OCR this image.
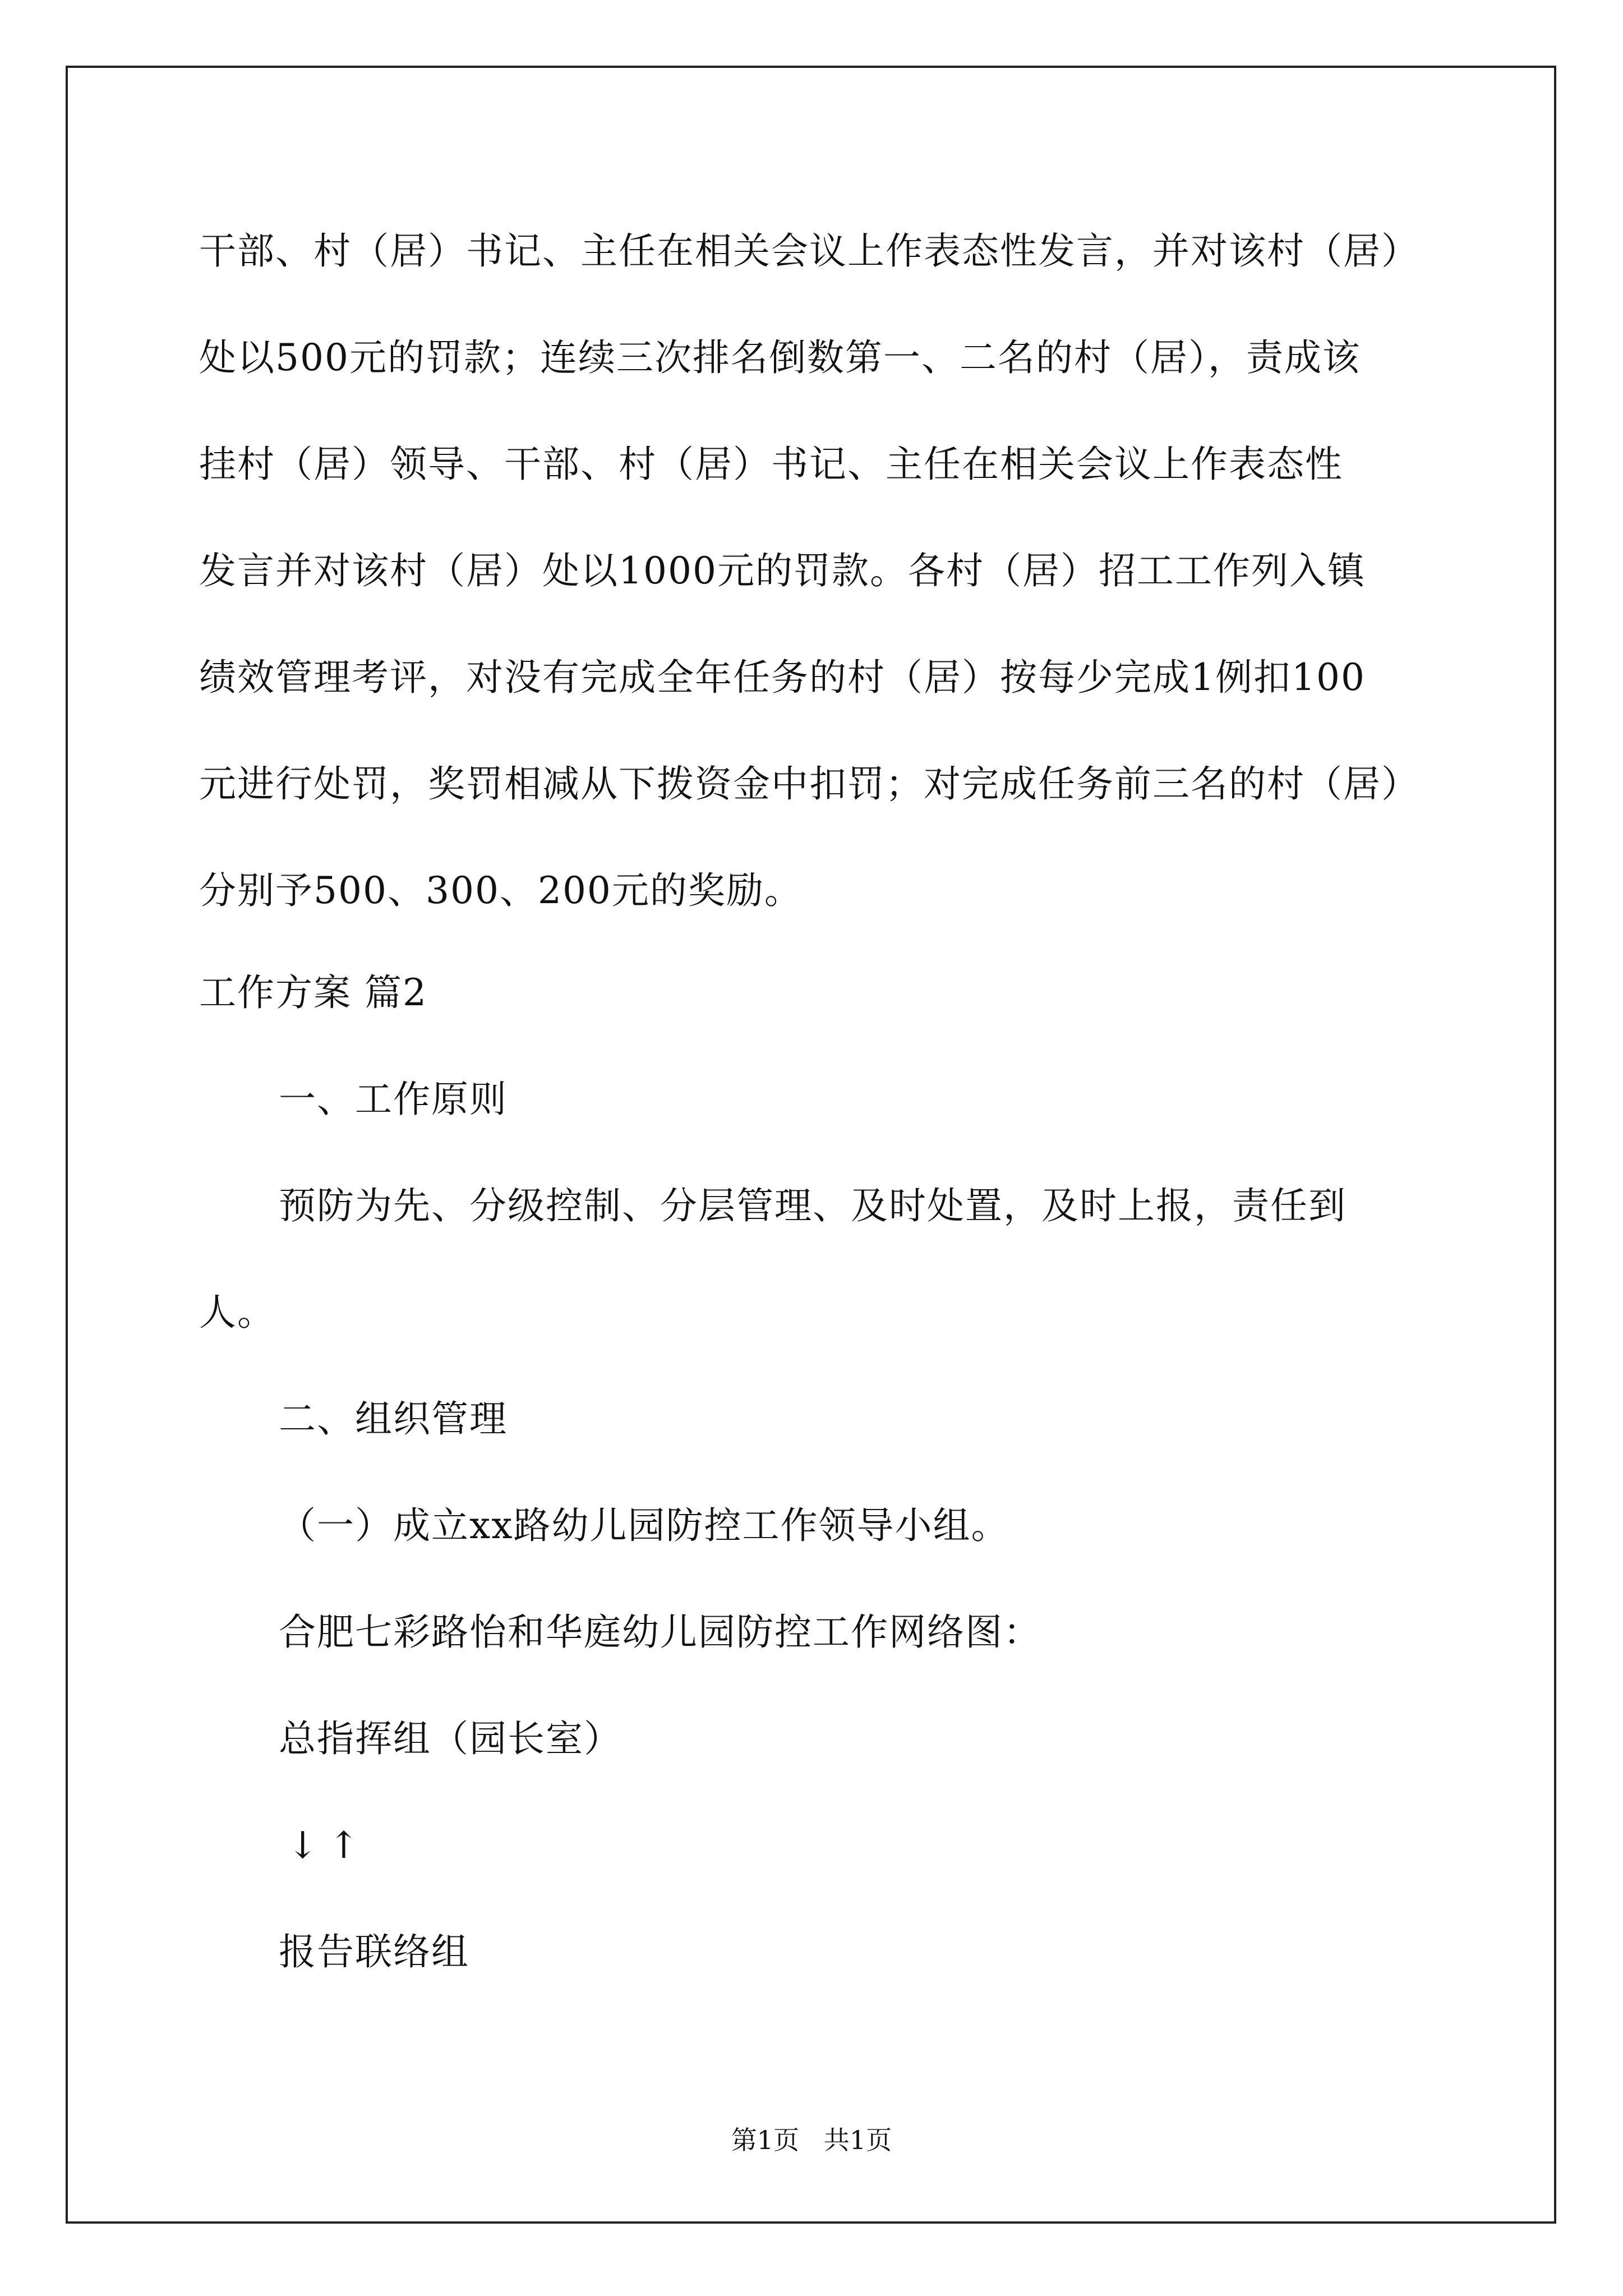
干部、村（居）书记、主任在相关会议上作表态性发言，并对该村（居）
处以500元的罚款；连续三次排名倒数第一、二名的村（居），责成该
挂村（居）领导、干部、村（居）书记、主任在相关会议上作表态性
发言并对该村（居）处以1000元的罚款。各村（居）招工工作列入镇
绩效管理考评，对没有完成全年任务的村（居）按每少完成1例扣100
元进行处罚，奖罚相减从下拨资金中扣罚；对完成任务前三名的村（居）
分别予500、300、200元的奖励。
工作方案 篇2
一、工作原则
预防为先、分级控制、分层管理、及时处置，及时上报，责任到
人。
二、组织管理
（一）成立xx路幼儿园防控工作领导小组。
合肥七彩路怡和华庭幼儿园防控工作网络图：
总指挥组（园长室）
↓↑
报告联络组
第1页   共1页
